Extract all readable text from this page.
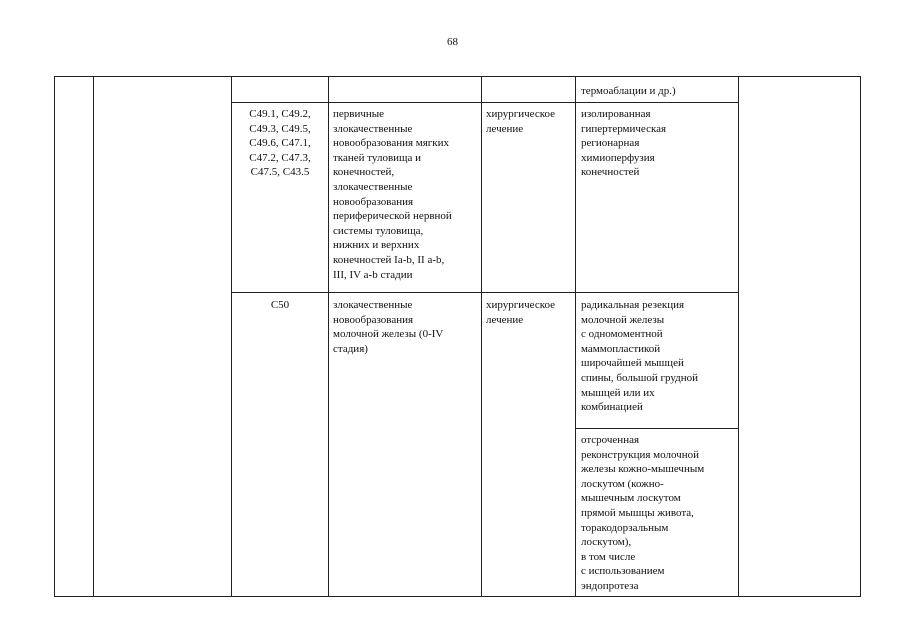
68

термоаблации и др.)

С49.1, С49.2,
С49.3, С49.5,
С49.6, С47.1,
С47.2, С47.3,
С47.5, С43.5

первичные
злокачественные
новообразования мягких
тканей туловища и
конечностей,
злокачественные
новообразования
периферической нервной
системы туловища,
нижних и верхних
конечностей Ia-b, II a-b,
III, IV a-b стадии

хирургическое
лечение

изолированная
гипертермическая
регионарная
химиоперфузия
конечностей

С50	злокачественные
новообразования
молочной железы (0-IV
стадия)

хирургическое
лечение

радикальная резекция
молочной железы
с одномоментной
маммопластикой
широчайшей мышцей
спины, большой грудной
мышцей или их
комбинацией

отсроченная
реконструкция молочной
железы кожно-мышечным
лоскутом (кожно-
мышечным лоскутом
прямой мышцы живота,
торакодорзальным
лоскутом),
в том числе
с использованием
эндопротеза
